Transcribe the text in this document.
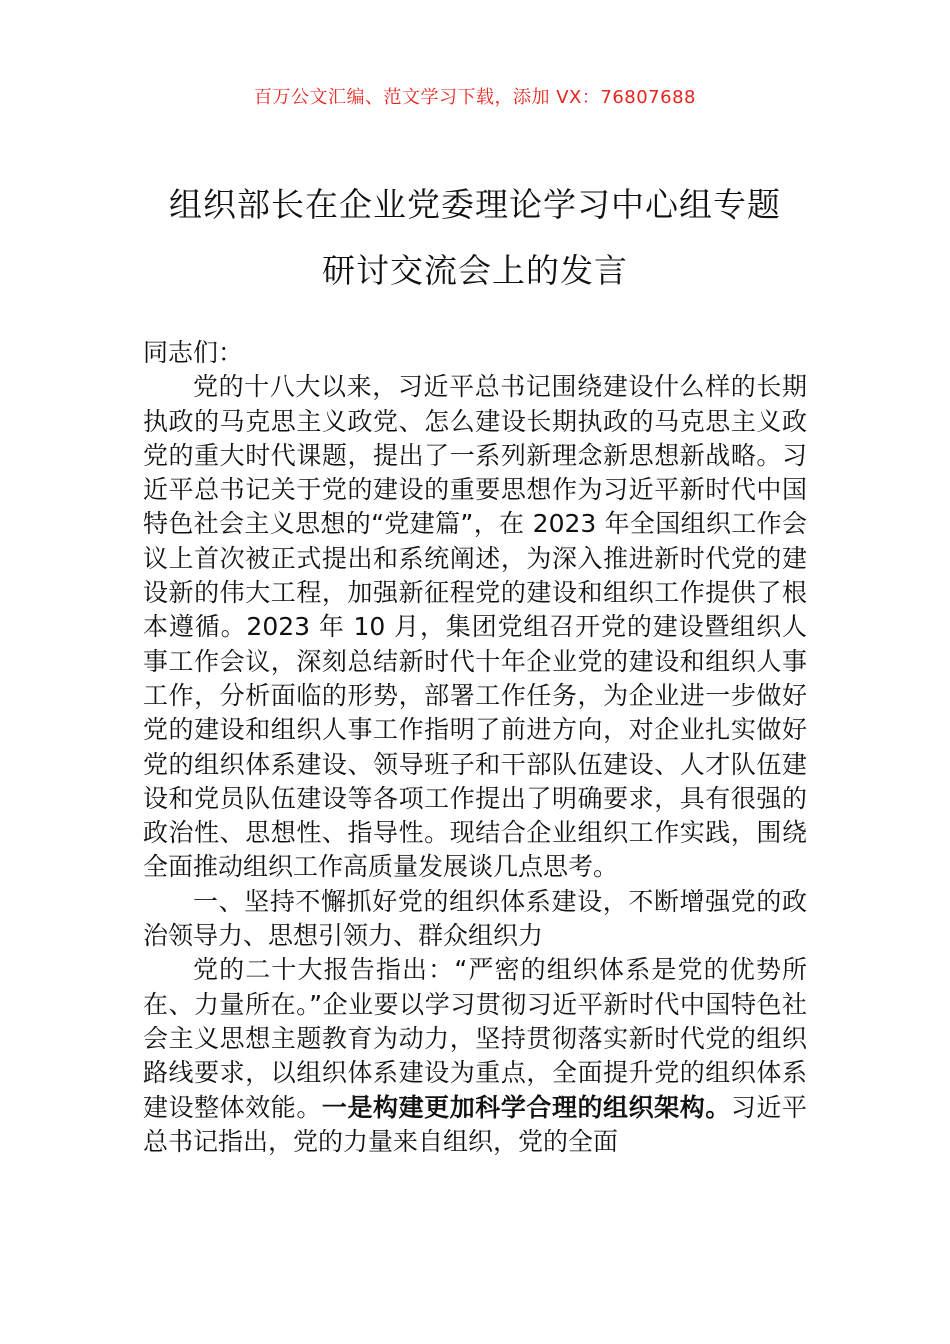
百万公文汇编、范文学习下载，添加 VX：76807688
组织部长在企业党委理论学习中心组专题
研讨交流会上的发言

同志们：

党的十八大以来，习近平总书记围绕建设什么样的长期执政的马克思主义政党、怎么建设长期执政的马克思主义政党的重大时代课题，提出了一系列新理念新思想新战略。习近平总书记关于党的建设的重要思想作为习近平新时代中国特色社会主义思想的“党建篇”，在 2023 年全国组织工作会议上首次被正式提出和系统阐述，为深入推进新时代党的建设新的伟大工程，加强新征程党的建设和组织工作提供了根本遵循。2023 年 10 月，集团党组召开党的建设暨组织人事工作会议，深刻总结新时代十年企业党的建设和组织人事工作，分析面临的形势，部署工作任务，为企业进一步做好党的建设和组织人事工作指明了前进方向，对企业扎实做好党的组织体系建设、领导班子和干部队伍建设、人才队伍建设和党员队伍建设等各项工作提出了明确要求，具有很强的政治性、思想性、指导性。现结合企业组织工作实践，围绕全面推动组织工作高质量发展谈几点思考。

一、坚持不懈抓好党的组织体系建设，不断增强党的政治领导力、思想引领力、群众组织力

党的二十大报告指出：“严密的组织体系是党的优势所在、力量所在。”企业要以学习贯彻习近平新时代中国特色社会主义思想主题教育为动力，坚持贯彻落实新时代党的组织路线要求，以组织体系建设为重点，全面提升党的组织体系建设整体效能。一是构建更加科学合理的组织架构。习近平总书记指出，党的力量来自组织，党的全面
